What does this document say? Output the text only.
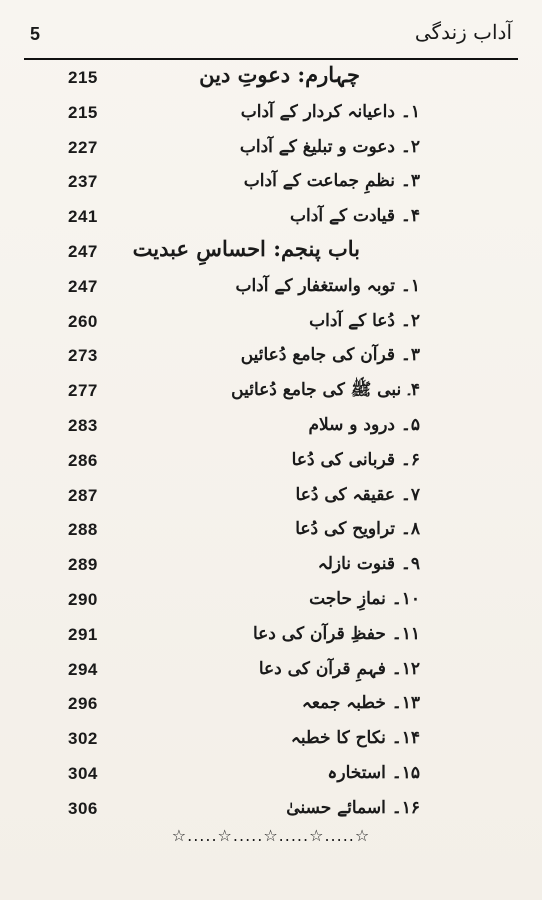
5	آداب زندگی
215	چہارم: دعوتِ دین
215	۱۔ داعیانہ کردار کے آداب
227	۲۔ دعوت و تبلیغ کے آداب
237	۳۔ نظمِ جماعت کے آداب
241	۴۔ قیادت کے آداب
247 باب پنجم: احساسِ عبدیت
247	۱۔ توبہ واستغفار کے آداب
260	۲۔ دُعا کے آداب
273	۳۔ قرآن کی جامع دُعائیں
277	۴۔ نبی ﷺ کی جامع دُعائیں
283	۵۔ درود و سلام
286	۶۔ قربانی کی دُعا
287	۷۔ عقیقہ کی دُعا
288	۸۔ تراویح کی دُعا
289	۹۔ قنوت نازلہ
290	۱۰۔ نمازِ حاجت
291	۱۱۔ حفظِ قرآن کی دعا
294	۱۲۔ فہمِ قرآن کی دعا
296	۱۳۔ خطبہ جمعہ
302	۱۴۔ نکاح کا خطبہ
304	۱۵۔ استخارہ
306	۱۶۔ اسمائے حسنیٰ
☆.....☆.....☆.....☆.....☆
